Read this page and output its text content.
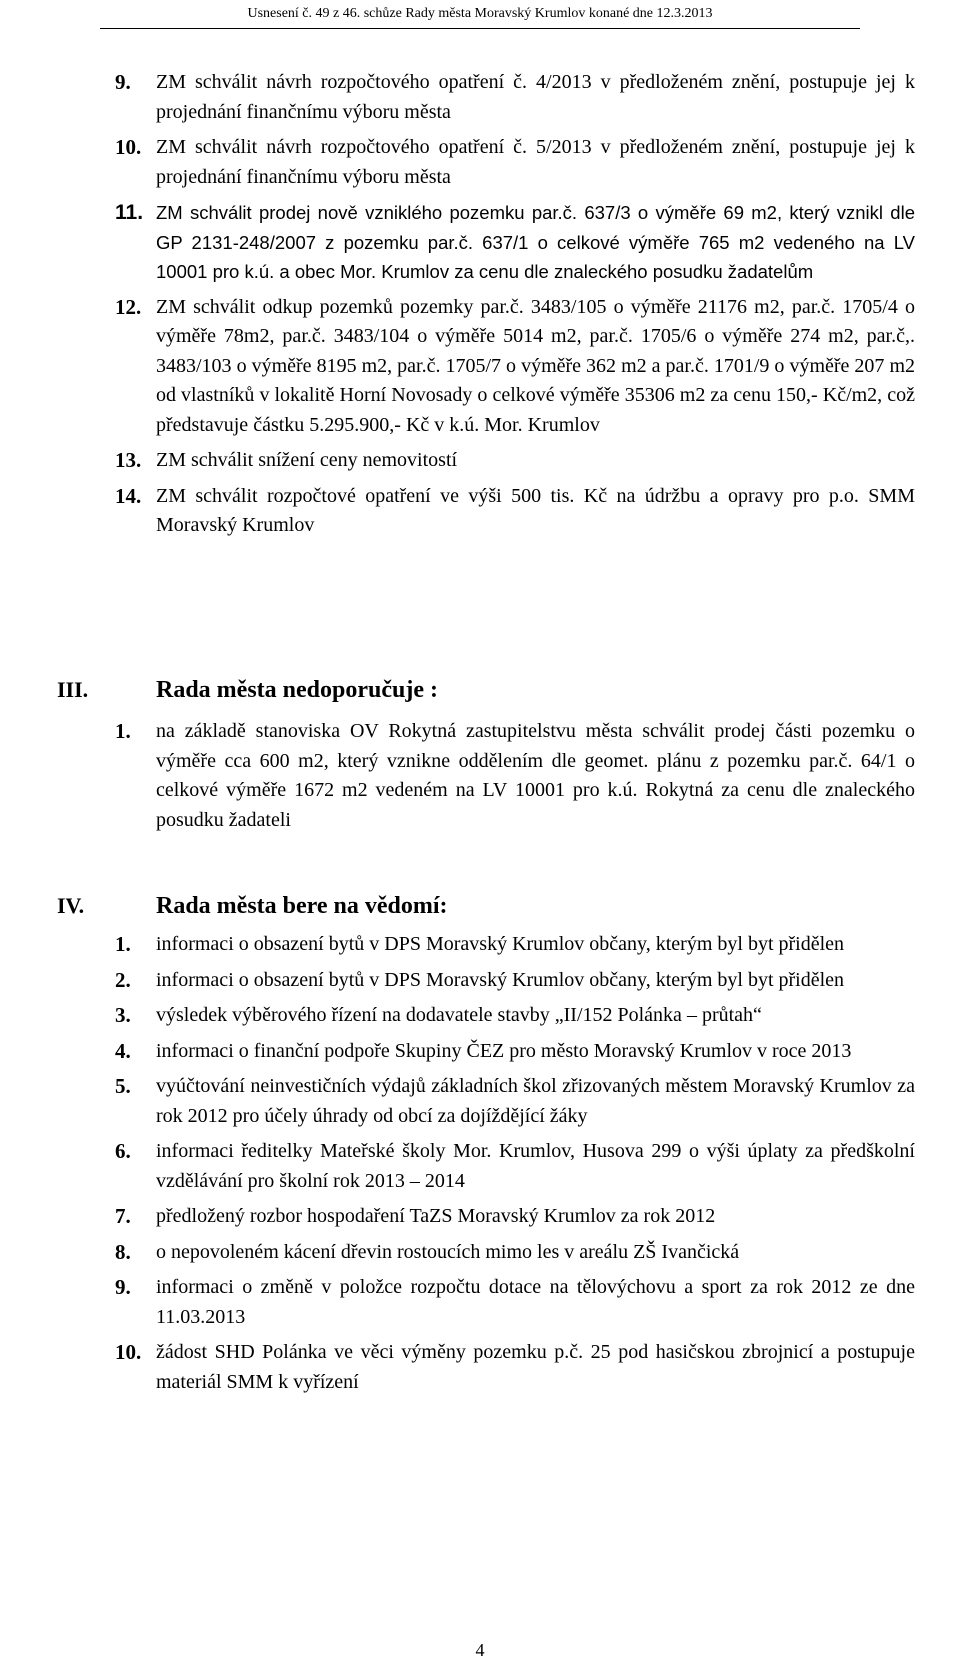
Usnesení č. 49 z 46. schůze Rady města Moravský Krumlov konané dne 12.3.2013
9. ZM schválit návrh rozpočtového opatření č. 4/2013 v předloženém znění, postupuje jej k projednání finančnímu výboru města
10. ZM schválit návrh rozpočtového opatření č. 5/2013 v předloženém znění, postupuje jej k projednání finančnímu výboru města
11. ZM schválit prodej nově vzniklého pozemku par.č. 637/3 o výměře 69 m2, který vznikl dle GP 2131-248/2007 z pozemku par.č. 637/1 o celkové výměře 765 m2 vedeného na LV 10001 pro k.ú. a obec Mor. Krumlov za cenu dle znaleckého posudku žadatelům
12. ZM schválit odkup pozemků pozemky par.č. 3483/105 o výměře 21176 m2, par.č. 1705/4 o výměře 78m2, par.č. 3483/104 o výměře 5014 m2, par.č. 1705/6 o výměře 274 m2, par.č,. 3483/103 o výměře 8195 m2, par.č. 1705/7 o výměře 362 m2 a par.č. 1701/9 o výměře 207 m2 od vlastníků v lokalitě Horní Novosady o celkové výměře 35306 m2 za cenu 150,- Kč/m2, což představuje částku 5.295.900,- Kč v k.ú. Mor. Krumlov
13. ZM schválit snížení ceny nemovitostí
14. ZM schválit rozpočtové opatření ve výši 500 tis. Kč na údržbu a opravy pro p.o. SMM Moravský Krumlov
III.	Rada města nedoporučuje :
1. na základě stanoviska OV Rokytná zastupitelstvu města schválit prodej části pozemku o výměře cca 600 m2, který vznikne oddělením dle geomet. plánu z pozemku par.č. 64/1 o celkové výměře 1672 m2 vedeném na LV 10001 pro k.ú. Rokytná za cenu dle znaleckého posudku žadateli
IV.	Rada města bere na vědomí:
1. informaci o obsazení bytů v DPS Moravský Krumlov občany, kterým byl byt přidělen
2. informaci o obsazení bytů v DPS Moravský Krumlov občany, kterým byl byt přidělen
3. výsledek výběrového řízení na dodavatele stavby „II/152 Polánka – průtah“
4. informaci o finanční podpoře Skupiny ČEZ pro město Moravský Krumlov v roce 2013
5. vyúčtování neinvestičních výdajů základních škol zřizovaných městem Moravský Krumlov za rok 2012 pro účely úhrady od obcí za dojíždějící žáky
6. informaci ředitelky Mateřské školy Mor. Krumlov, Husova 299 o výši úplaty za předškolní vzdělávání pro školní rok 2013 – 2014
7. předložený rozbor hospodaření TaZS Moravský Krumlov za rok 2012
8. o nepovoleném kácení dřevin rostoucích mimo les v areálu ZŠ Ivančická
9. informaci o změně v položce rozpočtu dotace na tělovýchovu a sport za rok 2012 ze dne 11.03.2013
10. žádost SHD Polánka ve věci výměny pozemku p.č. 25 pod hasičskou zbrojnicí a postupuje materiál SMM k vyřízení
4
